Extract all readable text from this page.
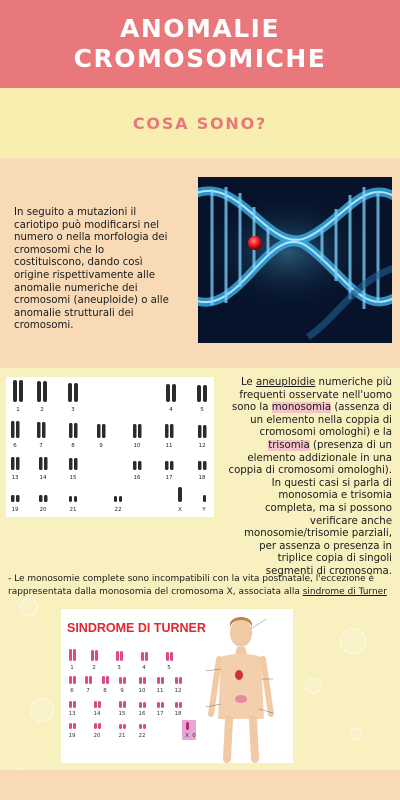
ANOMALIE
CROMOSOMICHE
COSA SONO?
In seguito a mutazioni il cariotipo può modificarsi nel numero o nella morfologia dei cromosomi che lo costituiscono, dando così origine rispettivamente alle anomalie numeriche dei cromosomi (aneuploide) o alle anomalie strutturali dei cromosomi.
1	2	3	4	5
6	7	8	9	10	11	12
13	14	15	16	17	18
19	20	21	22	X	Y
Le aneuploidie numeriche più frequenti osservate nell'uomo sono la monosomia (assenza di un elemento nella coppia di cromosomi omologhi) e la trisomia (presenza di un elemento addizionale in una coppia di cromosomi omologhi). In questi casi si parla di monosomia e trisomia completa, ma si possono verificare anche monosomie/trisomie parziali, per assenza o presenza in triplice copia di singoli segmenti di cromosoma.
- Le monosomie complete sono incompatibili con la vita postnatale, l'eccezione è rappresentata dalla monosomia del cromosoma X, associata alla sindrome di Turner
SINDROME DI TURNER
1	2	3	4	5
6 7 8 9	10 11 12
13	14	15 16 17 18
19	20	21 22	X 0
